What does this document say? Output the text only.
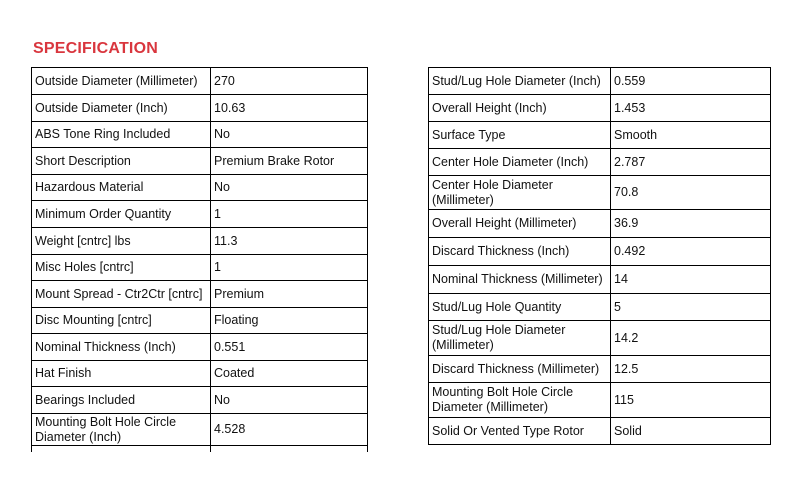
SPECIFICATION
Outside Diameter (Millimeter)	270
Outside Diameter (Inch)	10.63
ABS Tone Ring Included	No
Short Description	Premium Brake Rotor
Hazardous Material	No
Minimum Order Quantity	1
Weight [cntrc] lbs	11.3
Misc Holes [cntrc]	1
Mount Spread - Ctr2Ctr [cntrc]	Premium
Disc Mounting [cntrc]	Floating
Nominal Thickness (Inch)	0.551
Hat Finish	Coated
Bearings Included	No
Mounting Bolt Hole Circle Diameter (Inch)	4.528

Stud/Lug Hole Diameter (Inch)	0.559
Overall Height (Inch)	1.453
Surface Type	Smooth
Center Hole Diameter (Inch)	2.787
Center Hole Diameter (Millimeter)	70.8
Overall Height (Millimeter)	36.9
Discard Thickness (Inch)	0.492
Nominal Thickness (Millimeter)	14
Stud/Lug Hole Quantity	5
Stud/Lug Hole Diameter (Millimeter)	14.2
Discard Thickness (Millimeter)	12.5
Mounting Bolt Hole Circle Diameter (Millimeter)	115
Solid Or Vented Type Rotor	Solid
